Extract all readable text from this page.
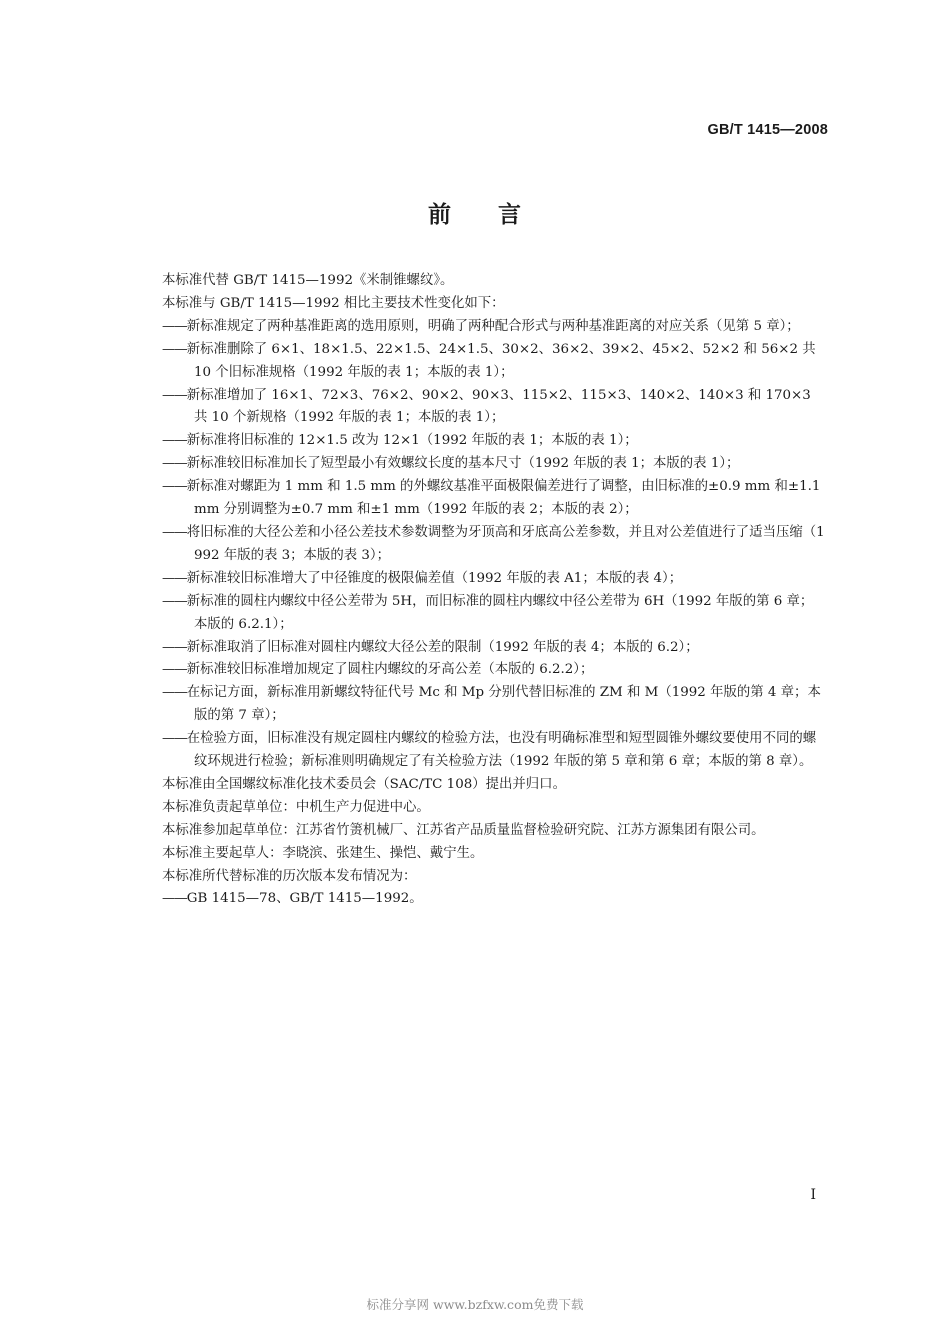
GB/T 1415—2008
前 言
本标准代替 GB/T 1415—1992《米制锥螺纹》。
本标准与 GB/T 1415—1992 相比主要技术性变化如下：
——新标准规定了两种基准距离的选用原则，明确了两种配合形式与两种基准距离的对应关系（见第 5 章）；
——新标准删除了 6×1、18×1.5、22×1.5、24×1.5、30×2、36×2、39×2、45×2、52×2 和 56×2 共 10 个旧标准规格（1992 年版的表 1；本版的表 1）；
——新标准增加了 16×1、72×3、76×2、90×2、90×3、115×2、115×3、140×2、140×3 和 170×3 共 10 个新规格（1992 年版的表 1；本版的表 1）；
——新标准将旧标准的 12×1.5 改为 12×1（1992 年版的表 1；本版的表 1）；
——新标准较旧标准加长了短型最小有效螺纹长度的基本尺寸（1992 年版的表 1；本版的表 1）；
——新标准对螺距为 1 mm 和 1.5 mm 的外螺纹基准平面极限偏差进行了调整，由旧标准的±0.9 mm 和±1.1 mm 分别调整为±0.7 mm 和±1 mm（1992 年版的表 2；本版的表 2）；
——将旧标准的大径公差和小径公差技术参数调整为牙顶高和牙底高公差参数，并且对公差值进行了适当压缩（1992 年版的表 3；本版的表 3）；
——新标准较旧标准增大了中径锥度的极限偏差值（1992 年版的表 A1；本版的表 4）；
——新标准的圆柱内螺纹中径公差带为 5H，而旧标准的圆柱内螺纹中径公差带为 6H（1992 年版的第 6 章；本版的 6.2.1）；
——新标准取消了旧标准对圆柱内螺纹大径公差的限制（1992 年版的表 4；本版的 6.2）；
——新标准较旧标准增加规定了圆柱内螺纹的牙高公差（本版的 6.2.2）；
——在标记方面，新标准用新螺纹特征代号 Mc 和 Mp 分别代替旧标准的 ZM 和 M（1992 年版的第 4 章；本版的第 7 章）；
——在检验方面，旧标准没有规定圆柱内螺纹的检验方法，也没有明确标准型和短型圆锥外螺纹要使用不同的螺纹环规进行检验；新标准则明确规定了有关检验方法（1992 年版的第 5 章和第 6 章；本版的第 8 章）。
本标准由全国螺纹标准化技术委员会（SAC/TC 108）提出并归口。
本标准负责起草单位：中机生产力促进中心。
本标准参加起草单位：江苏省竹箦机械厂、江苏省产品质量监督检验研究院、江苏方源集团有限公司。
本标准主要起草人：李晓滨、张建生、操恺、戴宁生。
本标准所代替标准的历次版本发布情况为：
——GB 1415—78、GB/T 1415—1992。
I
标准分享网 www.bzfxw.com免费下载
